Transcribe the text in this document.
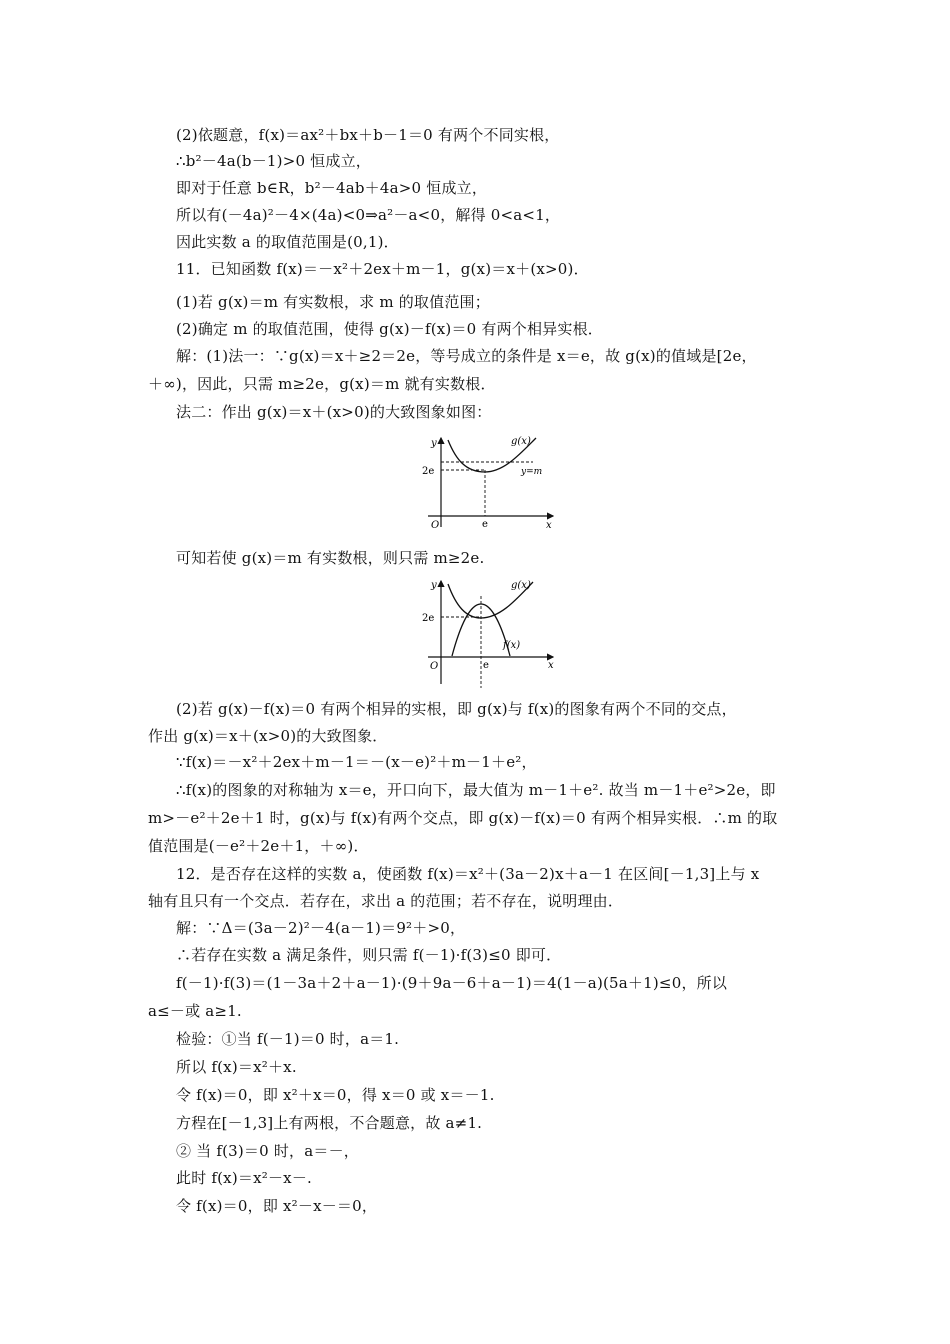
(2)依题意，f(x)＝ax²＋bx＋b－1＝0 有两个不同实根，
∴b²－4a(b－1)>0 恒成立，
即对于任意 b∈R，b²－4ab＋4a>0 恒成立，
所以有(－4a)²－4×(4a)<0⇒a²－a<0，解得 0<a<1，
因此实数 a 的取值范围是(0,1)．
11．已知函数 f(x)＝－x²＋2ex＋m－1，g(x)＝x＋(x>0)．
(1)若 g(x)＝m 有实数根，求 m 的取值范围；
(2)确定 m 的取值范围，使得 g(x)－f(x)＝0 有两个相异实根．
解：(1)法一：∵g(x)＝x＋≥2＝2e，等号成立的条件是 x＝e，故 g(x)的值域是[2e，
＋∞)，因此，只需 m≥2e，g(x)＝m 就有实数根．
法二：作出 g(x)＝x＋(x>0)的大致图象如图：
y
x
O
2e
e
g(x)
y=m
可知若使 g(x)＝m 有实数根，则只需 m≥2e.
y
x
O
2e
e
g(x)
f(x)
(2)若 g(x)－f(x)＝0 有两个相异的实根，即 g(x)与 f(x)的图象有两个不同的交点，
作出 g(x)＝x＋(x>0)的大致图象．
∵f(x)＝－x²＋2ex＋m－1＝－(x－e)²＋m－1＋e²，
∴f(x)的图象的对称轴为 x＝e，开口向下，最大值为 m－1＋e². 故当 m－1＋e²>2e，即
m>－e²＋2e＋1 时，g(x)与 f(x)有两个交点，即 g(x)－f(x)＝0 有两个相异实根．∴m 的取
值范围是(－e²＋2e＋1，＋∞)．
12．是否存在这样的实数 a，使函数 f(x)＝x²＋(3a－2)x＋a－1 在区间[－1,3]上与 x
轴有且只有一个交点．若存在，求出 a 的范围；若不存在，说明理由．
解：∵Δ＝(3a－2)²－4(a－1)＝9²＋>0，
∴若存在实数 a 满足条件，则只需 f(－1)·f(3)≤0 即可．
f(－1)·f(3)＝(1－3a＋2＋a－1)·(9＋9a－6＋a－1)＝4(1－a)(5a＋1)≤0，所以
a≤－或 a≥1.
检验：①当 f(－1)＝0 时，a＝1.
所以 f(x)＝x²＋x.
令 f(x)＝0，即 x²＋x＝0，得 x＝0 或 x＝－1.
方程在[－1,3]上有两根，不合题意，故 a≠1.
② 当 f(3)＝0 时，a＝－，
此时 f(x)＝x²－x－.
令 f(x)＝0，即 x²－x－＝0，
